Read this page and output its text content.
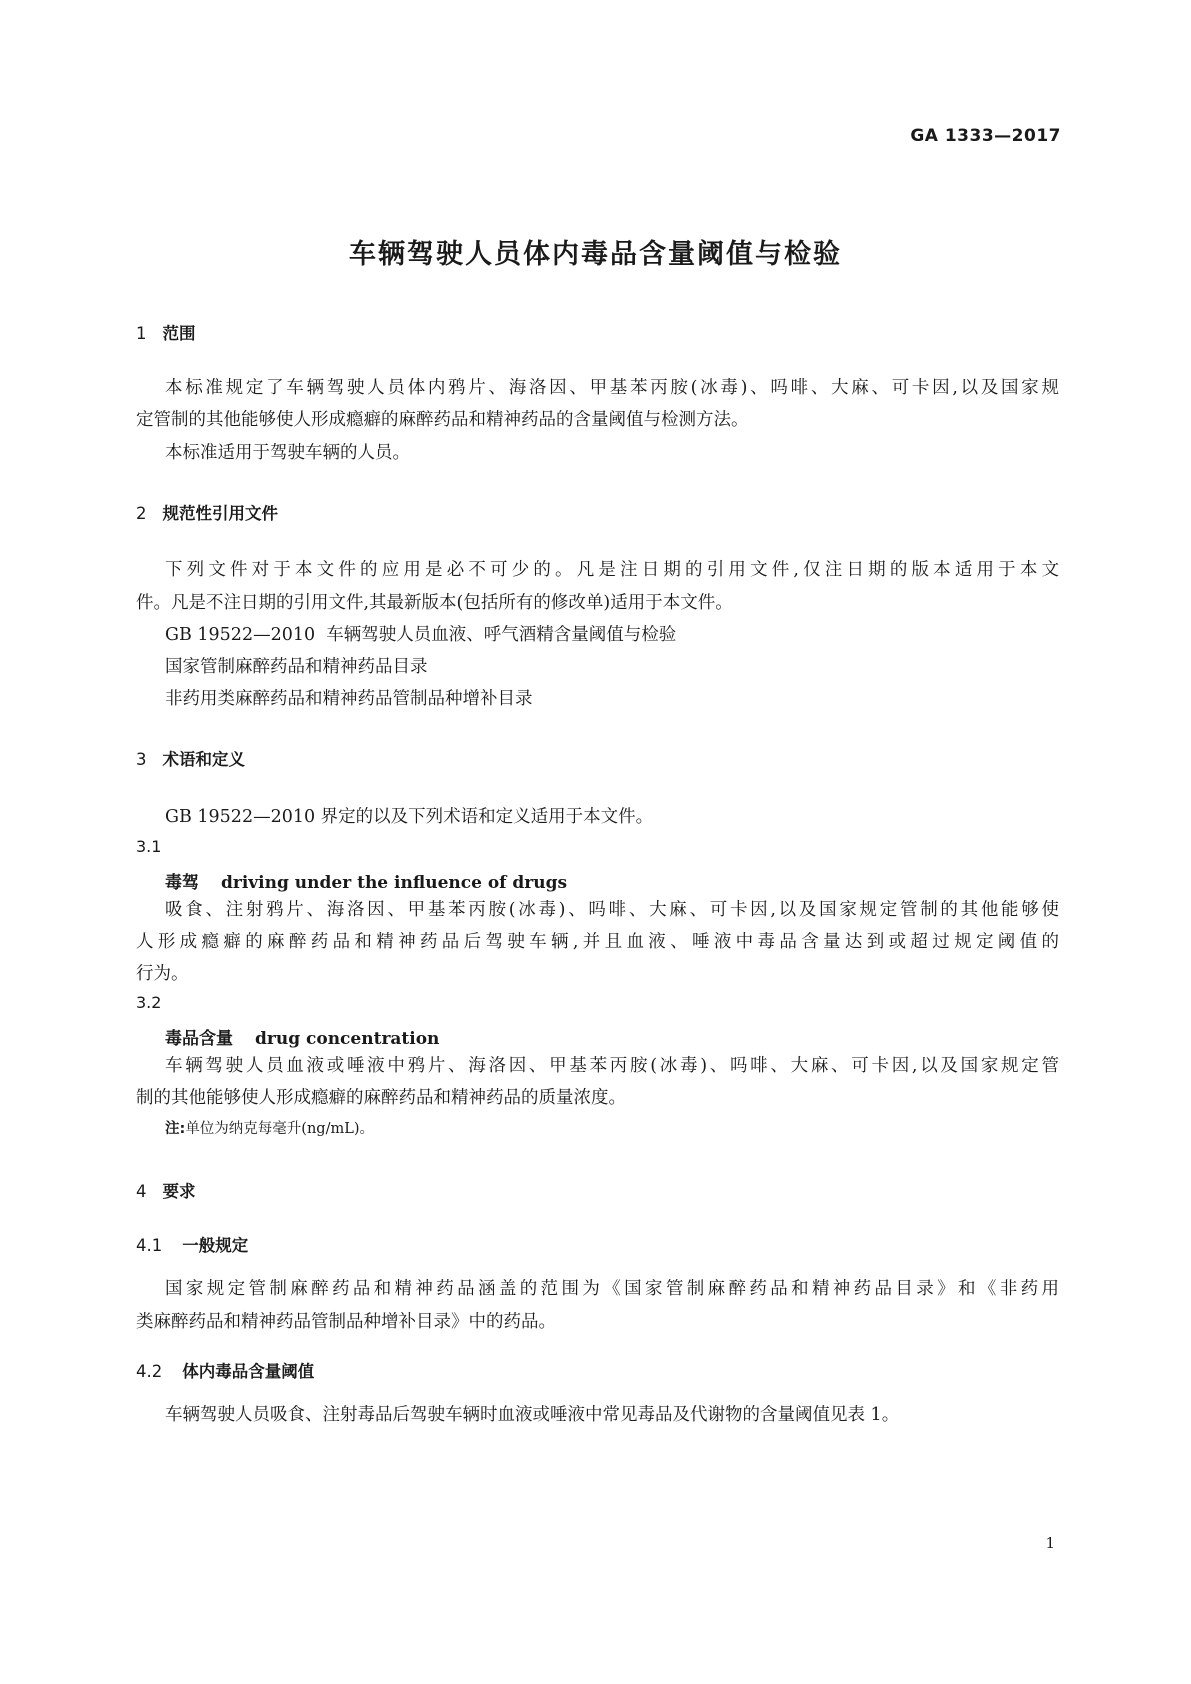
GA 1333—2017
车辆驾驶人员体内毒品含量阈值与检验
1 范围
本标准规定了车辆驾驶人员体内鸦片、海洛因、甲基苯丙胺(冰毒)、吗啡、大麻、可卡因,以及国家规
定管制的其他能够使人形成瘾癖的麻醉药品和精神药品的含量阈值与检测方法。
本标准适用于驾驶车辆的人员。
2 规范性引用文件
下列文件对于本文件的应用是必不可少的。凡是注日期的引用文件,仅注日期的版本适用于本文
件。凡是不注日期的引用文件,其最新版本(包括所有的修改单)适用于本文件。
GB 19522—2010  车辆驾驶人员血液、呼气酒精含量阈值与检验
国家管制麻醉药品和精神药品目录
非药用类麻醉药品和精神药品管制品种增补目录
3 术语和定义
GB 19522—2010 界定的以及下列术语和定义适用于本文件。
3.1
毒驾 driving under the influence of drugs
吸食、注射鸦片、海洛因、甲基苯丙胺(冰毒)、吗啡、大麻、可卡因,以及国家规定管制的其他能够使
人形成瘾癖的麻醉药品和精神药品后驾驶车辆,并且血液、唾液中毒品含量达到或超过规定阈值的
行为。
3.2
毒品含量 drug concentration
车辆驾驶人员血液或唾液中鸦片、海洛因、甲基苯丙胺(冰毒)、吗啡、大麻、可卡因,以及国家规定管
制的其他能够使人形成瘾癖的麻醉药品和精神药品的质量浓度。
注:单位为纳克每毫升(ng/mL)。
4 要求
4.1 一般规定
国家规定管制麻醉药品和精神药品涵盖的范围为《国家管制麻醉药品和精神药品目录》和《非药用
类麻醉药品和精神药品管制品种增补目录》中的药品。
4.2 体内毒品含量阈值
车辆驾驶人员吸食、注射毒品后驾驶车辆时血液或唾液中常见毒品及代谢物的含量阈值见表 1。
1
